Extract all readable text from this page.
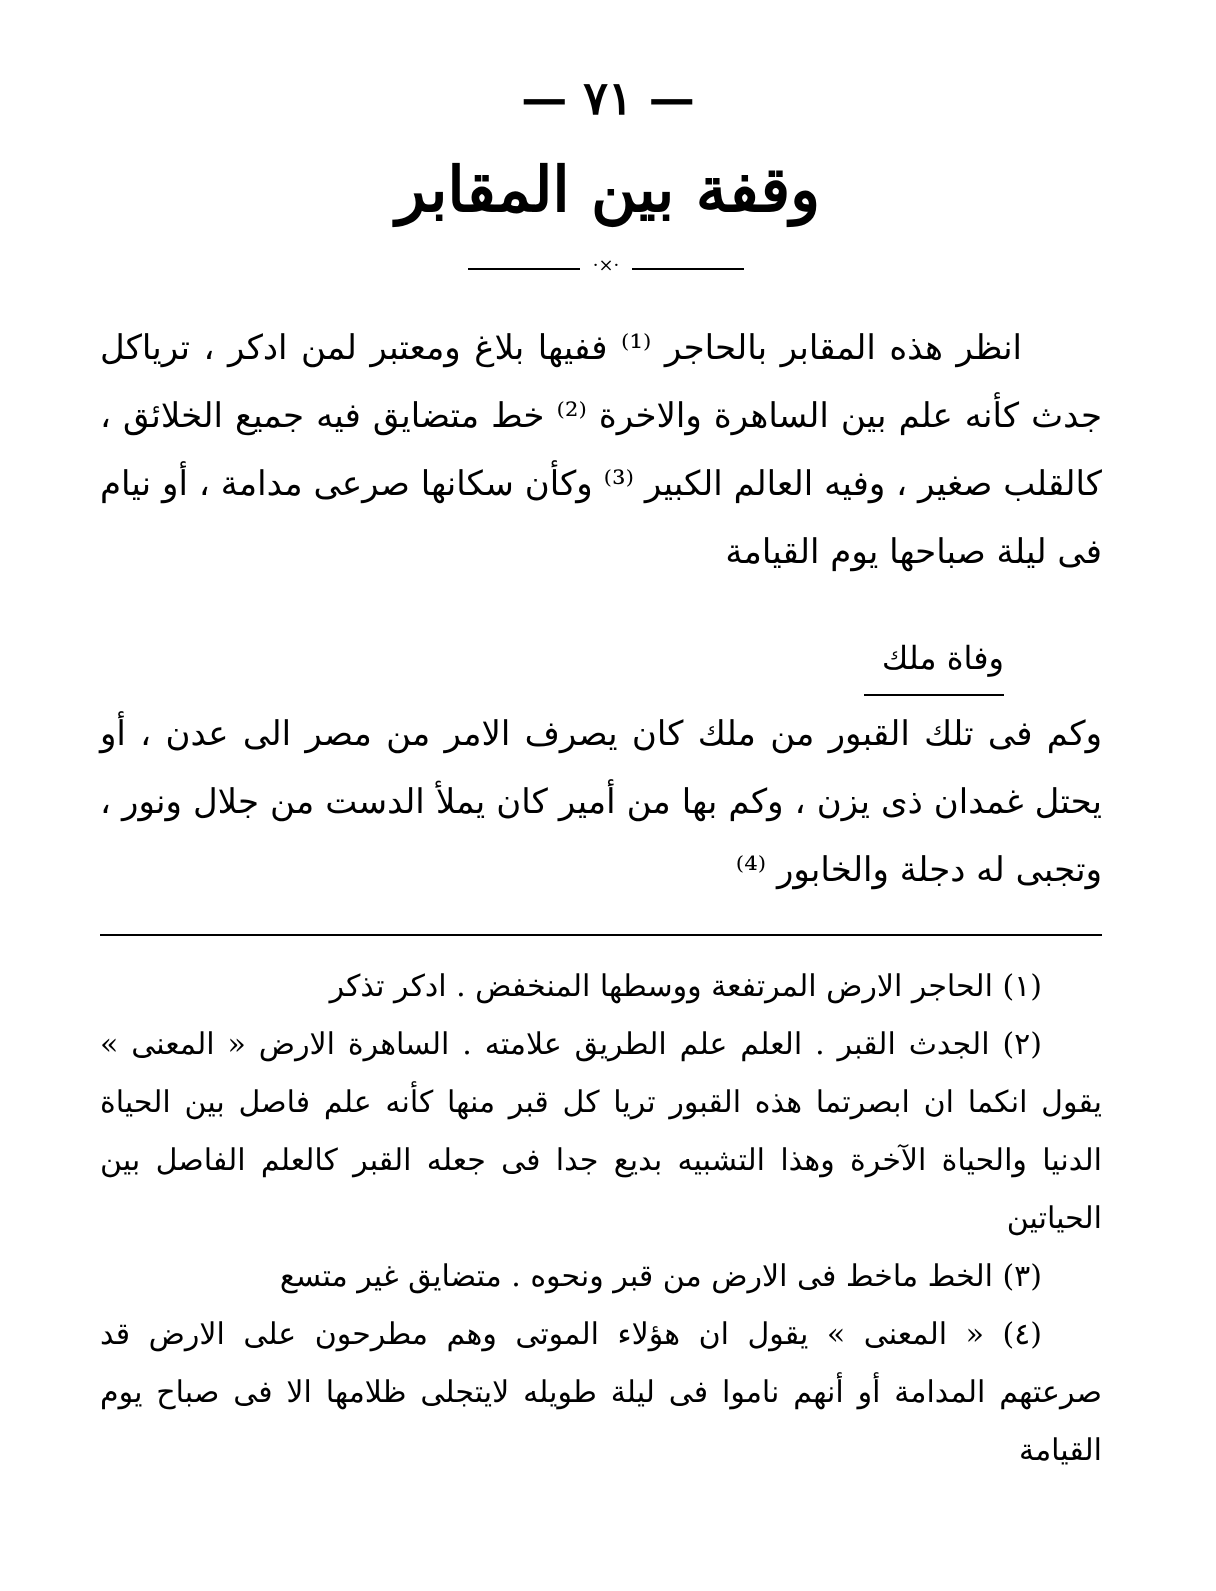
— ٧١ —
وقفة بين المقابر
·×·

انظر هذه المقابر بالحاجر ⁽¹⁾ ففيها بلاغ ومعتبر لمن ادكر ، ترياكل جدث كأنه علم بين الساهرة والاخرة ⁽²⁾ خط متضايق فيه جميع الخلائق ، كالقلب صغير ، وفيه العالم الكبير ⁽³⁾ وكأن سكانها صرعى مدامة ، أو نيام فى ليلة صباحها يوم القيامة

وفاة ملك

وكم فى تلك القبور من ملك كان يصرف الامر من مصر الى عدن ، أو يحتل غمدان ذى يزن ، وكم بها من أمير كان يملأ الدست من جلال ونور ، وتجبى له دجلة والخابور ⁽⁴⁾

(١) الحاجر الارض المرتفعة ووسطها المنخفض . ادكر تذكر

(٢) الجدث القبر . العلم علم الطريق علامته . الساهرة الارض « المعنى » يقول انكما ان ابصرتما هذه القبور تريا كل قبر منها كأنه علم فاصل بين الحياة الدنيا والحياة الآخرة وهذا التشبيه بديع جدا فى جعله القبر كالعلم الفاصل بين الحياتين

(٣) الخط ماخط فى الارض من قبر ونحوه . متضايق غير متسع

(٤) « المعنى » يقول ان هؤلاء الموتى وهم مطرحون على الارض قد صرعتهم المدامة أو أنهم ناموا فى ليلة طويله لايتجلى ظلامها الا فى صباح يوم القيامة
